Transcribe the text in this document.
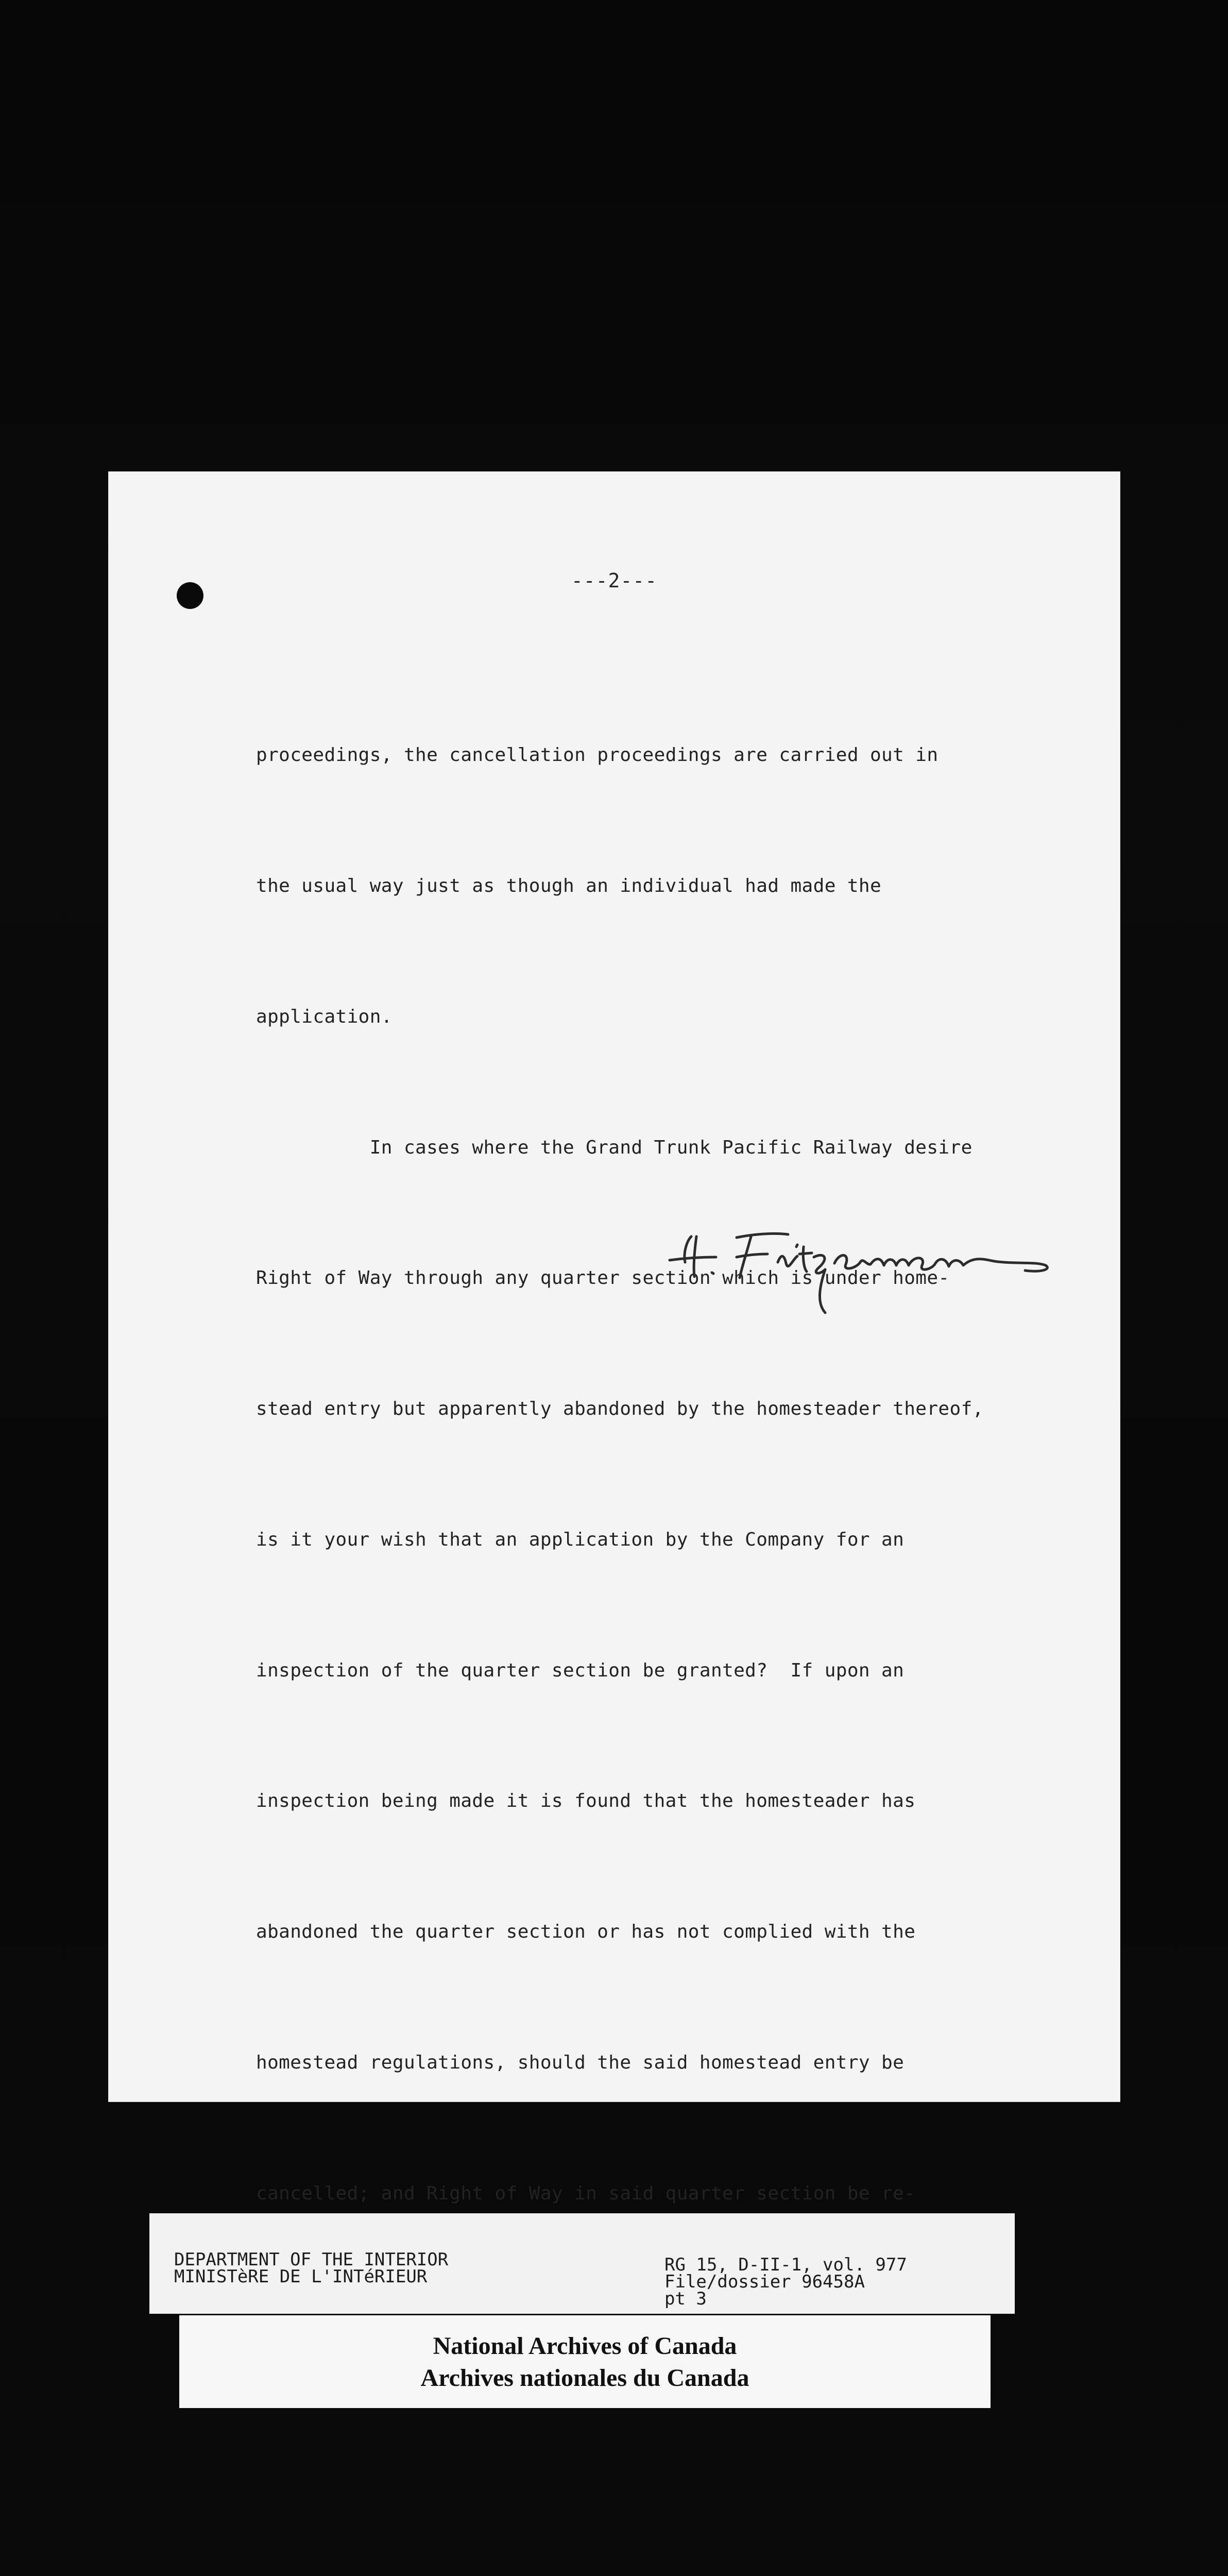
---2---

proceedings, the cancellation proceedings are carried out in

the usual way just as though an individual had made the

application.

In cases where the Grand Trunk Pacific Railway desire

Right of Way through any quarter section which is under home-

stead entry but apparently abandoned by the homesteader thereof,

is it your wish that an application by the Company for an

inspection of the quarter section be granted?  If upon an

inspection being made it is found that the homesteader has

abandoned the quarter section or has not complied with the

homestead regulations, should the said homestead entry be

cancelled; and Right of Way in said quarter section be re-

DEPARTMENT OF THE INTERIOR
MINISTèRE DE L'INTéRIEUR
RG 15, D-II-1, vol. 977
File/dossier 96458A
pt 3
National Archives of Canada
Archives nationales du Canada
